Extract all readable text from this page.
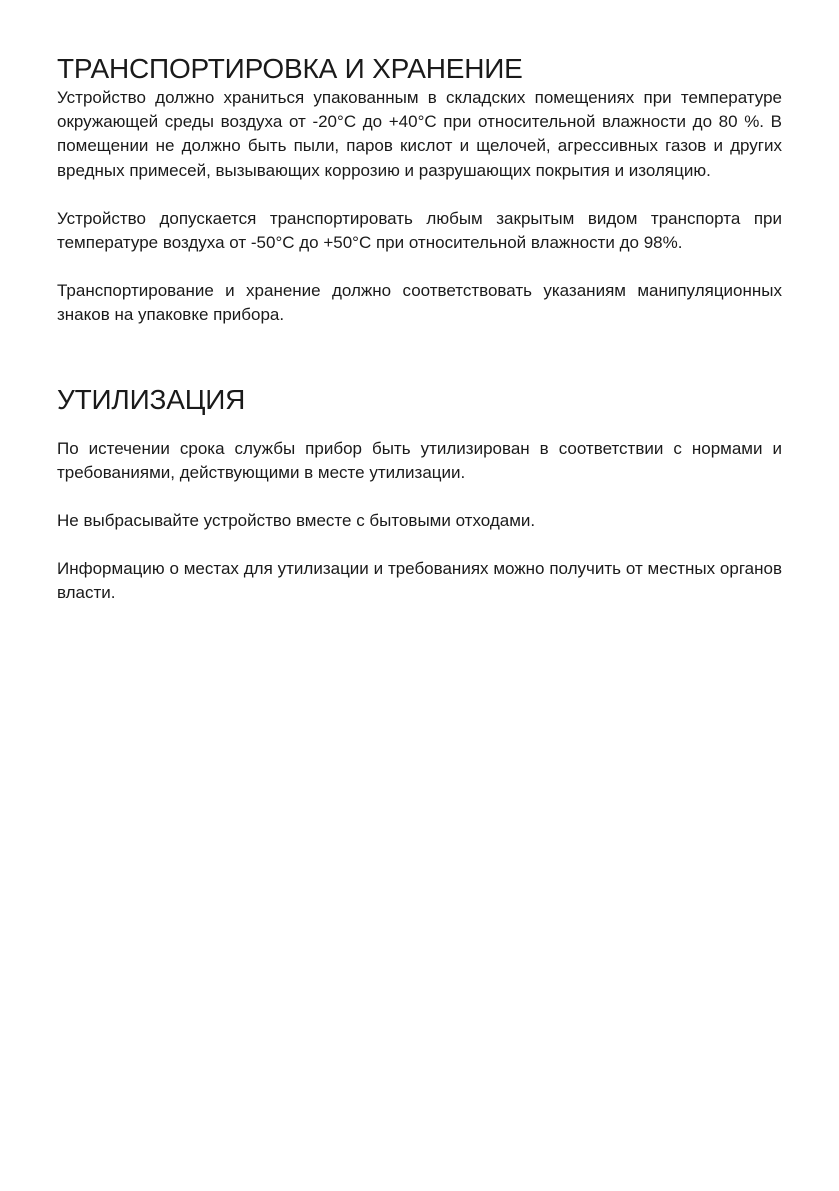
ТРАНСПОРТИРОВКА И ХРАНЕНИЕ

Устройство должно храниться упакованным в складских помещениях при температуре окружающей среды воздуха от -20°С до +40°С при относительной влажности до 80 %. В помещении не должно быть пыли, паров кислот и щелочей, агрессивных газов и других вредных примесей, вызывающих коррозию и разрушающих покрытия и изоляцию.

Устройство допускается транспортировать любым закрытым видом транспорта при температуре воздуха от -50°С до +50°С при относительной влажности до 98%.

Транспортирование и хранение должно соответствовать указаниям манипуляционных знаков на упаковке прибора.

УТИЛИЗАЦИЯ

По истечении срока службы прибор быть утилизирован в соответствии с нормами и требованиями, действующими в месте утилизации.

Не выбрасывайте устройство вместе с бытовыми отходами.

Информацию о местах для утилизации и требованиях можно получить от местных органов власти.
